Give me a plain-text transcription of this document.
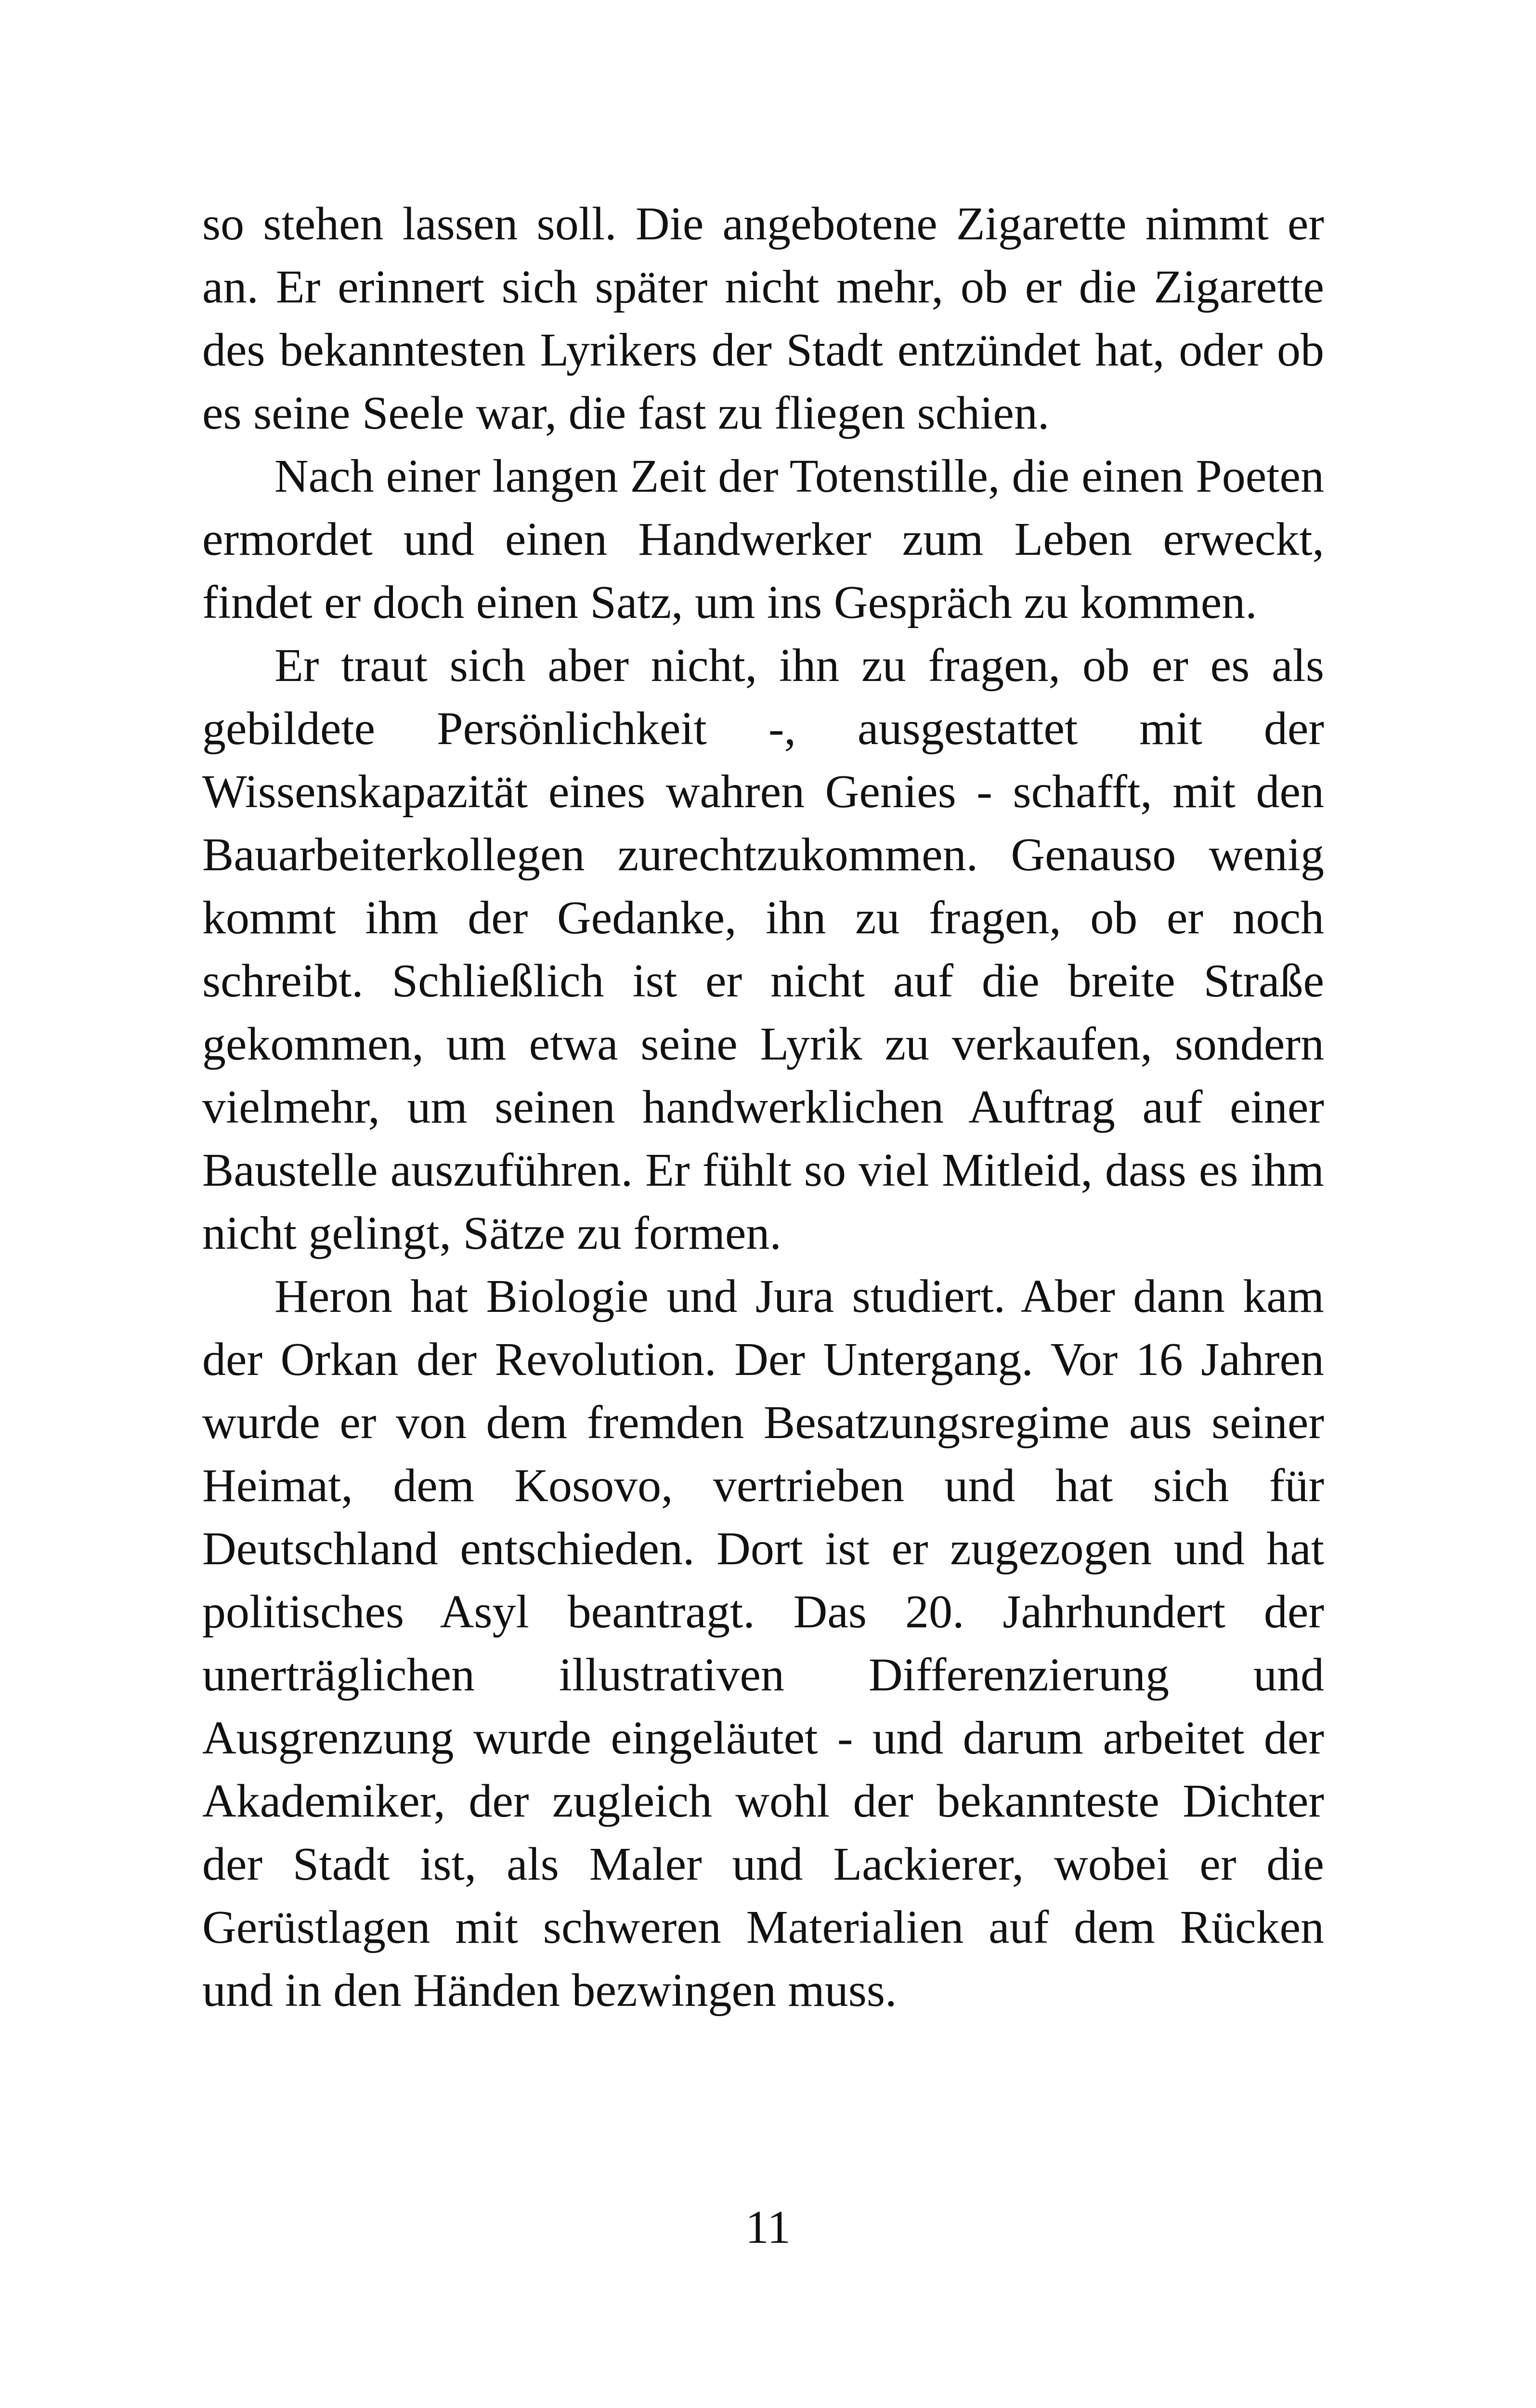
so stehen lassen soll. Die angebotene Zigarette nimmt er an. Er erinnert sich später nicht mehr, ob er die Zigarette des bekanntesten Lyrikers der Stadt entzündet hat, oder ob es seine Seele war, die fast zu fliegen schien.

Nach einer langen Zeit der Totenstille, die einen Poeten ermordet und einen Handwerker zum Leben erweckt, findet er doch einen Satz, um ins Gespräch zu kommen.

Er traut sich aber nicht, ihn zu fragen, ob er es als gebildete Persönlichkeit -, ausgestattet mit der Wissenskapazität eines wahren Genies - schafft, mit den Bauarbeiterkollegen zurechtzukommen. Genauso wenig kommt ihm der Gedanke, ihn zu fragen, ob er noch schreibt. Schließlich ist er nicht auf die breite Straße gekommen, um etwa seine Lyrik zu verkaufen, sondern vielmehr, um seinen handwerklichen Auftrag auf einer Baustelle auszuführen. Er fühlt so viel Mitleid, dass es ihm nicht gelingt, Sätze zu formen.

Heron hat Biologie und Jura studiert. Aber dann kam der Orkan der Revolution. Der Untergang. Vor 16 Jahren wurde er von dem fremden Besatzungsregime aus seiner Heimat, dem Kosovo, vertrieben und hat sich für Deutschland entschieden. Dort ist er zugezogen und hat politisches Asyl beantragt. Das 20. Jahrhundert der unerträglichen illustrativen Differenzierung und Ausgrenzung wurde eingeläutet - und darum arbeitet der Akademiker, der zugleich wohl der bekannteste Dichter der Stadt ist, als Maler und Lackierer, wobei er die Gerüstlagen mit schweren Materialien auf dem Rücken und in den Händen bezwingen muss.

11
